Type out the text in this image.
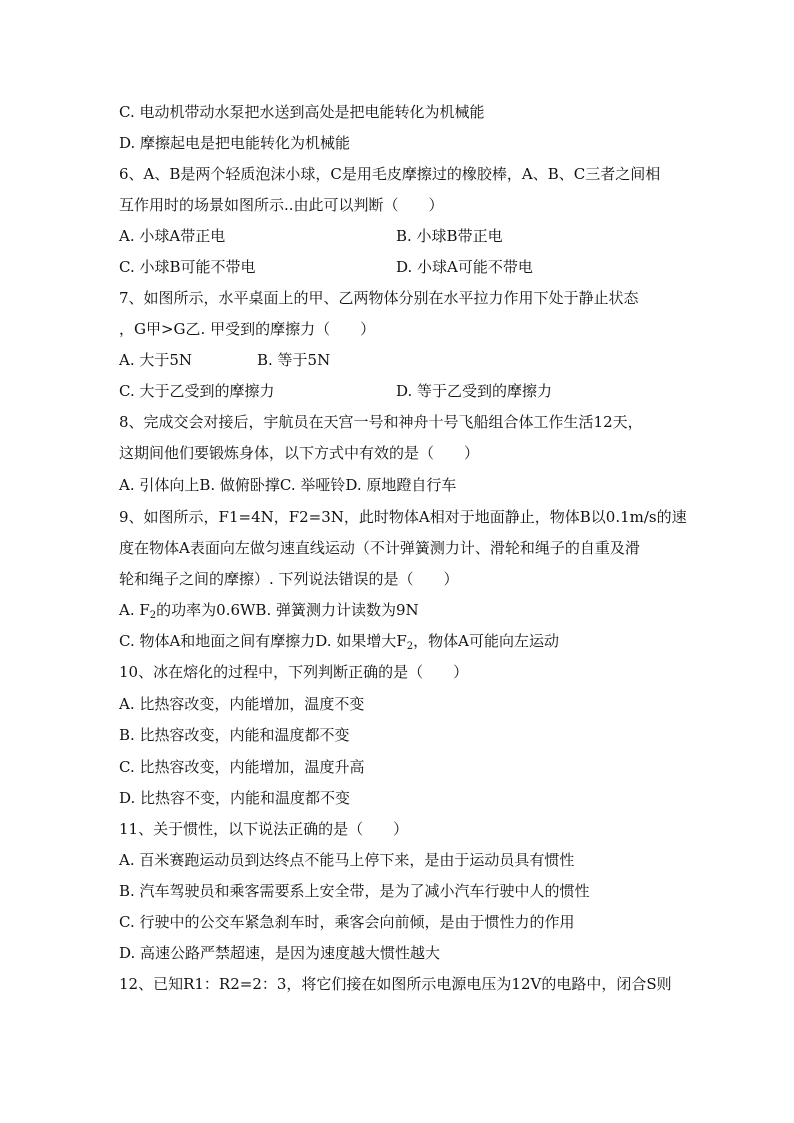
C. 电动机带动水泵把水送到高处是把电能转化为机械能
D. 摩擦起电是把电能转化为机械能
6、A、B是两个轻质泡沫小球，C是用毛皮摩擦过的橡胶棒，A、B、C三者之间相
互作用时的场景如图所示..由此可以判断（　　）
A. 小球A带正电	B. 小球B带正电
C. 小球B可能不带电	D. 小球A可能不带电
7、如图所示，水平桌面上的甲、乙两物体分别在水平拉力作用下处于静止状态
，G甲>G乙. 甲受到的摩擦力（　　）
A. 大于5N	B. 等于5N
C. 大于乙受到的摩擦力	D. 等于乙受到的摩擦力
8、完成交会对接后，宇航员在天宫一号和神舟十号飞船组合体工作生活12天，
这期间他们要锻炼身体，以下方式中有效的是（　　）
A. 引体向上B. 做俯卧撑C. 举哑铃D. 原地蹬自行车
9、如图所示，F1=4N，F2=3N，此时物体A相对于地面静止，物体B以0.1m/s的速
度在物体A表面向左做匀速直线运动（不计弹簧测力计、滑轮和绳子的自重及滑
轮和绳子之间的摩擦）. 下列说法错误的是（　　）
A. $F_2$的功率为0.6WB. 弹簧测力计读数为9N
C. 物体A和地面之间有摩擦力D. 如果增大$F_2$，物体A可能向左运动
10、冰在熔化的过程中，下列判断正确的是（　　）
A. 比热容改变，内能增加，温度不变
B. 比热容改变，内能和温度都不变
C. 比热容改变，内能增加，温度升高
D. 比热容不变，内能和温度都不变
11、关于惯性，以下说法正确的是（　　）
A. 百米赛跑运动员到达终点不能马上停下来，是由于运动员具有惯性
B. 汽车驾驶员和乘客需要系上安全带，是为了减小汽车行驶中人的惯性
C. 行驶中的公交车紧急刹车时，乘客会向前倾，是由于惯性力的作用
D. 高速公路严禁超速，是因为速度越大惯性越大
12、已知R1：R2=2：3，将它们接在如图所示电源电压为12V的电路中，闭合S则
